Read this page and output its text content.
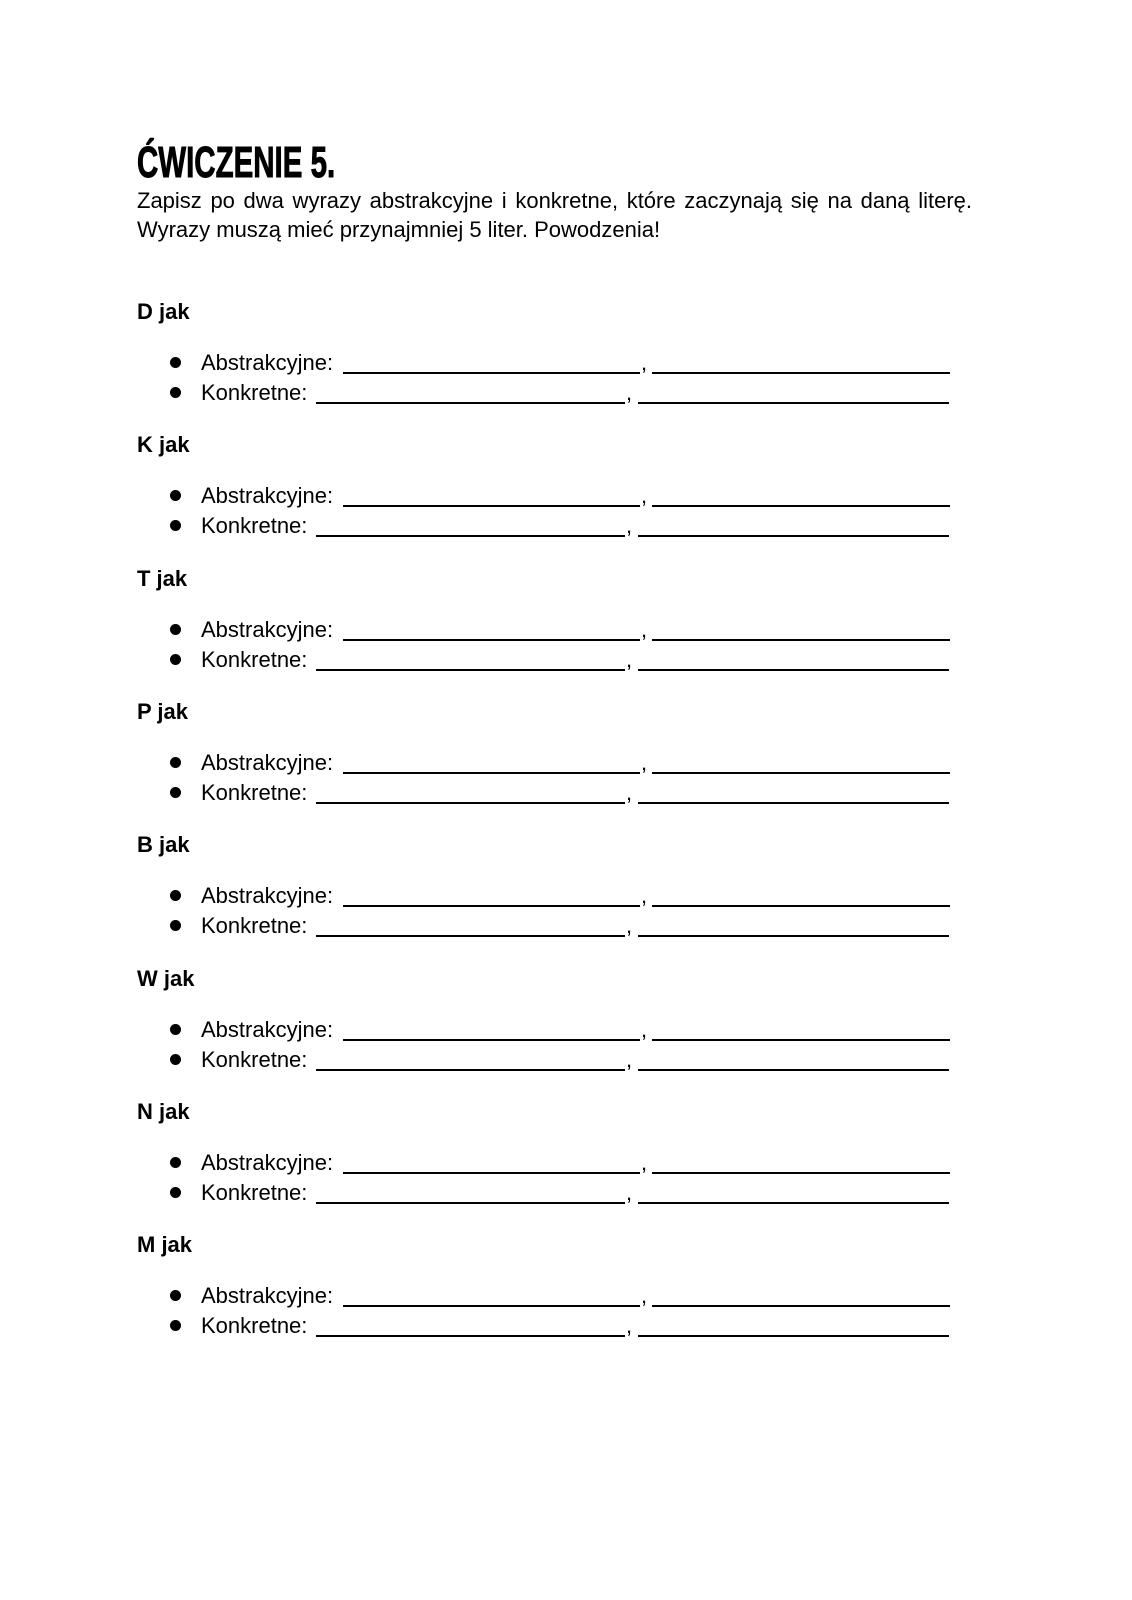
ĆWICZENIE 5.

Zapisz po dwa wyrazy abstrakcyjne i konkretne, które zaczynają się na daną literę. Wyrazy muszą mieć przynajmniej 5 liter. Powodzenia!

D jak
Abstrakcyjne:	,
Konkretne:	,
K jak
Abstrakcyjne:	,
Konkretne:	,
T jak
Abstrakcyjne:	,
Konkretne:	,
P jak
Abstrakcyjne:	,
Konkretne:	,
B jak
Abstrakcyjne:	,
Konkretne:	,
W jak
Abstrakcyjne:	,
Konkretne:	,
N jak
Abstrakcyjne:	,
Konkretne:	,
M jak
Abstrakcyjne:	,
Konkretne:	,
